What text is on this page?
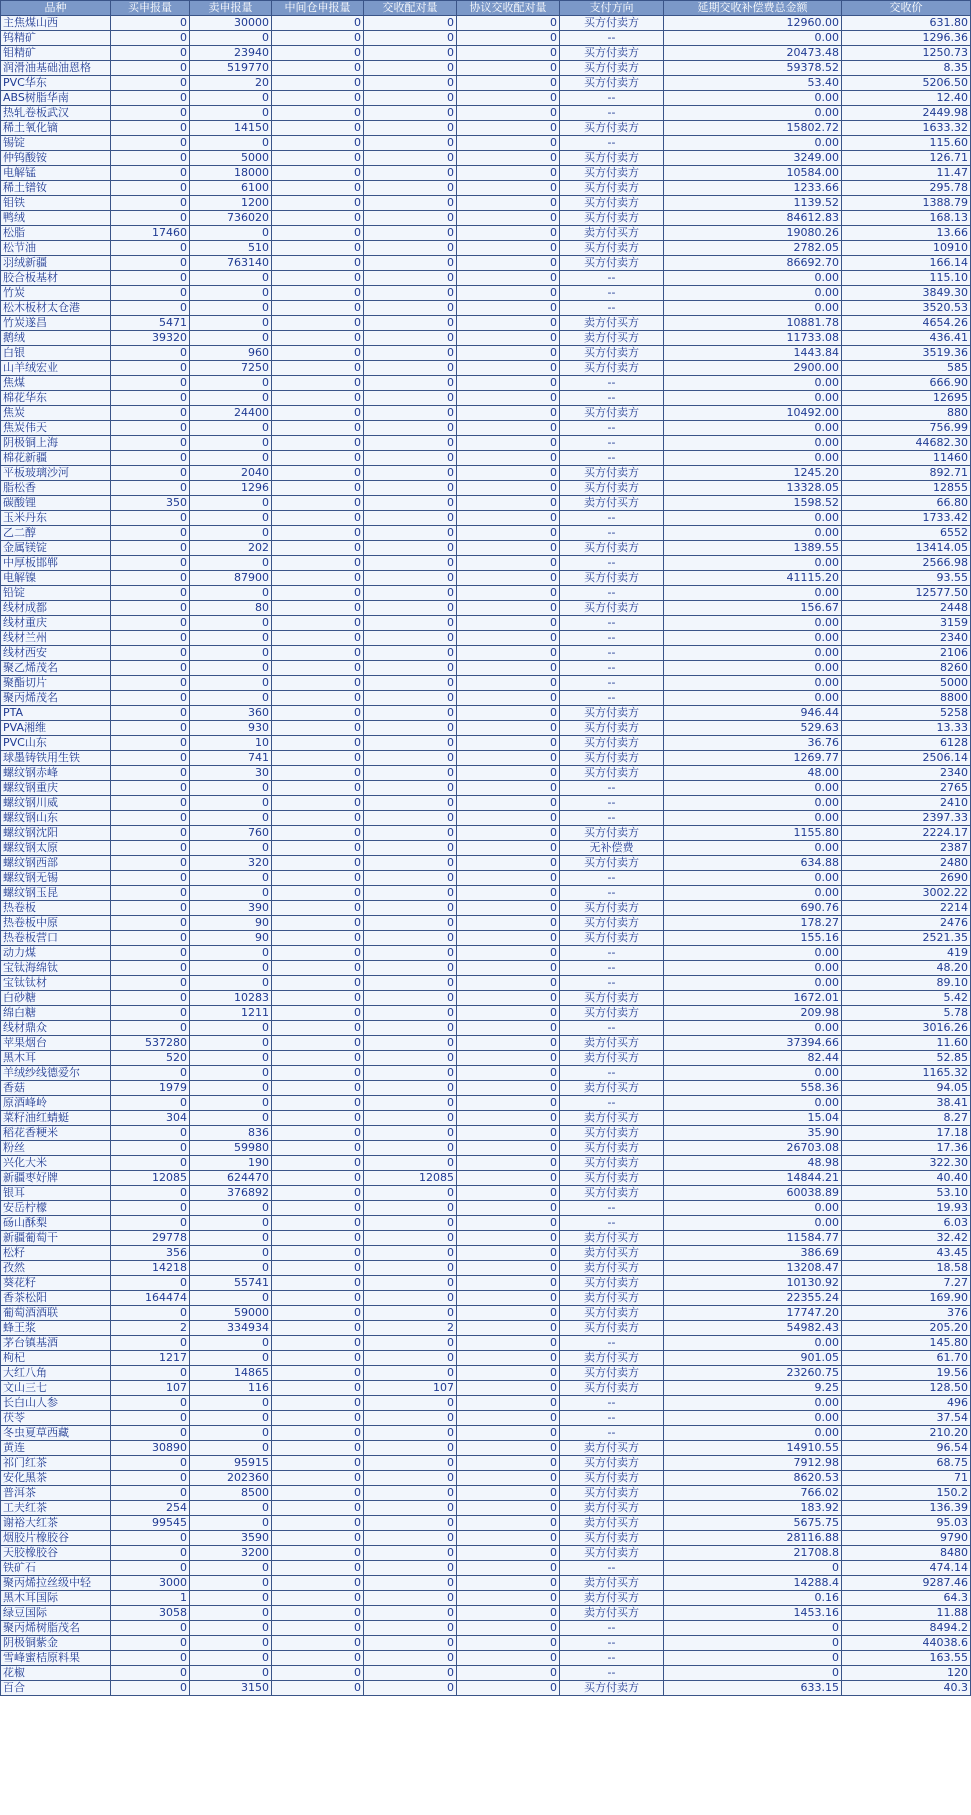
品种	买申报量	卖申报量	中间仓申报量	交收配对量	协议交收配对量	支付方向	延期交收补偿费总金额	交收价
主焦煤山西	0	30000	0	0	0	买方付卖方	12960.00	631.80
钨精矿	0	0	0	0	0	--	0.00	1296.36
钼精矿	0	23940	0	0	0	买方付卖方	20473.48	1250.73
润滑油基础油恩格	0	519770	0	0	0	买方付卖方	59378.52	8.35
PVC华东	0	20	0	0	0	买方付卖方	53.40	5206.50
ABS树脂华南	0	0	0	0	0	--	0.00	12.40
热轧卷板武汉	0	0	0	0	0	--	0.00	2449.98
稀土氧化镝	0	14150	0	0	0	买方付卖方	15802.72	1633.32
锡锭	0	0	0	0	0	--	0.00	115.60
仲钨酸铵	0	5000	0	0	0	买方付卖方	3249.00	126.71
电解锰	0	18000	0	0	0	买方付卖方	10584.00	11.47
稀土镨钕	0	6100	0	0	0	买方付卖方	1233.66	295.78
钼铁	0	1200	0	0	0	买方付卖方	1139.52	1388.79
鸭绒	0	736020	0	0	0	买方付卖方	84612.83	168.13
松脂	17460	0	0	0	0	卖方付买方	19080.26	13.66
松节油	0	510	0	0	0	买方付卖方	2782.05	10910
羽绒新疆	0	763140	0	0	0	买方付卖方	86692.70	166.14
胶合板基材	0	0	0	0	0	--	0.00	115.10
竹炭	0	0	0	0	0	--	0.00	3849.30
松木板材太仓港	0	0	0	0	0	--	0.00	3520.53
竹炭遂昌	5471	0	0	0	0	卖方付买方	10881.78	4654.26
鹅绒	39320	0	0	0	0	卖方付买方	11733.08	436.41
白银	0	960	0	0	0	买方付卖方	1443.84	3519.36
山羊绒宏业	0	7250	0	0	0	买方付卖方	2900.00	585
焦煤	0	0	0	0	0	--	0.00	666.90
棉花华东	0	0	0	0	0	--	0.00	12695
焦炭	0	24400	0	0	0	买方付卖方	10492.00	880
焦炭伟天	0	0	0	0	0	--	0.00	756.99
阴极铜上海	0	0	0	0	0	--	0.00	44682.30
棉花新疆	0	0	0	0	0	--	0.00	11460
平板玻璃沙河	0	2040	0	0	0	买方付卖方	1245.20	892.71
脂松香	0	1296	0	0	0	买方付卖方	13328.05	12855
碳酸锂	350	0	0	0	0	卖方付买方	1598.52	66.80
玉米丹东	0	0	0	0	0	--	0.00	1733.42
乙二醇	0	0	0	0	0	--	0.00	6552
金属镁锭	0	202	0	0	0	买方付卖方	1389.55	13414.05
中厚板邯郸	0	0	0	0	0	--	0.00	2566.98
电解镍	0	87900	0	0	0	买方付卖方	41115.20	93.55
铅锭	0	0	0	0	0	--	0.00	12577.50
线材成都	0	80	0	0	0	买方付卖方	156.67	2448
线材重庆	0	0	0	0	0	--	0.00	3159
线材兰州	0	0	0	0	0	--	0.00	2340
线材西安	0	0	0	0	0	--	0.00	2106
聚乙烯茂名	0	0	0	0	0	--	0.00	8260
聚酯切片	0	0	0	0	0	--	0.00	5000
聚丙烯茂名	0	0	0	0	0	--	0.00	8800
PTA	0	360	0	0	0	买方付卖方	946.44	5258
PVA湘维	0	930	0	0	0	买方付卖方	529.63	13.33
PVC山东	0	10	0	0	0	买方付卖方	36.76	6128
球墨铸铁用生铁	0	741	0	0	0	买方付卖方	1269.77	2506.14
螺纹钢赤峰	0	30	0	0	0	买方付卖方	48.00	2340
螺纹钢重庆	0	0	0	0	0	--	0.00	2765
螺纹钢川威	0	0	0	0	0	--	0.00	2410
螺纹钢山东	0	0	0	0	0	--	0.00	2397.33
螺纹钢沈阳	0	760	0	0	0	买方付卖方	1155.80	2224.17
螺纹钢太原	0	0	0	0	0	无补偿费	0.00	2387
螺纹钢西部	0	320	0	0	0	买方付卖方	634.88	2480
螺纹钢无锡	0	0	0	0	0	--	0.00	2690
螺纹钢玉昆	0	0	0	0	0	--	0.00	3002.22
热卷板	0	390	0	0	0	买方付卖方	690.76	2214
热卷板中原	0	90	0	0	0	买方付卖方	178.27	2476
热卷板营口	0	90	0	0	0	买方付卖方	155.16	2521.35
动力煤	0	0	0	0	0	--	0.00	419
宝钛海绵钛	0	0	0	0	0	--	0.00	48.20
宝钛钛材	0	0	0	0	0	--	0.00	89.10
白砂糖	0	10283	0	0	0	买方付卖方	1672.01	5.42
绵白糖	0	1211	0	0	0	买方付卖方	209.98	5.78
线材鼎众	0	0	0	0	0	--	0.00	3016.26
苹果烟台	537280	0	0	0	0	卖方付买方	37394.66	11.60
黑木耳	520	0	0	0	0	卖方付买方	82.44	52.85
羊绒纱线德爱尔	0	0	0	0	0	--	0.00	1165.32
香菇	1979	0	0	0	0	卖方付买方	558.36	94.05
原酒峰岭	0	0	0	0	0	--	0.00	38.41
菜籽油红蜻蜓	304	0	0	0	0	卖方付买方	15.04	8.27
稻花香粳米	0	836	0	0	0	买方付卖方	35.90	17.18
粉丝	0	59980	0	0	0	买方付卖方	26703.08	17.36
兴化大米	0	190	0	0	0	买方付卖方	48.98	322.30
新疆枣好牌	12085	624470	0	12085	0	买方付卖方	14844.21	40.40
银耳	0	376892	0	0	0	买方付卖方	60038.89	53.10
安岳柠檬	0	0	0	0	0	--	0.00	19.93
砀山酥梨	0	0	0	0	0	--	0.00	6.03
新疆葡萄干	29778	0	0	0	0	卖方付买方	11584.77	32.42
松籽	356	0	0	0	0	卖方付买方	386.69	43.45
孜然	14218	0	0	0	0	卖方付买方	13208.47	18.58
葵花籽	0	55741	0	0	0	买方付卖方	10130.92	7.27
香茶松阳	164474	0	0	0	0	卖方付买方	22355.24	169.90
葡萄酒酒联	0	59000	0	0	0	买方付卖方	17747.20	376
蜂王浆	2	334934	0	2	0	买方付卖方	54982.43	205.20
茅台镇基酒	0	0	0	0	0	--	0.00	145.80
枸杞	1217	0	0	0	0	卖方付买方	901.05	61.70
大红八角	0	14865	0	0	0	买方付卖方	23260.75	19.56
文山三七	107	116	0	107	0	买方付卖方	9.25	128.50
长白山人参	0	0	0	0	0	--	0.00	496
茯苓	0	0	0	0	0	--	0.00	37.54
冬虫夏草西藏	0	0	0	0	0	--	0.00	210.20
黄连	30890	0	0	0	0	卖方付买方	14910.55	96.54
祁门红茶	0	95915	0	0	0	买方付卖方	7912.98	68.75
安化黑茶	0	202360	0	0	0	买方付卖方	8620.53	71
普洱茶	0	8500	0	0	0	买方付卖方	766.02	150.2
工夫红茶	254	0	0	0	0	卖方付买方	183.92	136.39
谢裕大红茶	99545	0	0	0	0	卖方付买方	5675.75	95.03
烟胶片橡胶谷	0	3590	0	0	0	买方付卖方	28116.88	9790
天胶橡胶谷	0	3200	0	0	0	买方付卖方	21708.8	8480
铁矿石	0	0	0	0	0	--	0	474.14
聚丙烯拉丝级中轻	3000	0	0	0	0	卖方付买方	14288.4	9287.46
黑木耳国际	1	0	0	0	0	卖方付买方	0.16	64.3
绿豆国际	3058	0	0	0	0	卖方付买方	1453.16	11.88
聚丙烯树脂茂名	0	0	0	0	0	--	0	8494.2
阴极铜紫金	0	0	0	0	0	--	0	44038.6
雪峰蜜桔原料果	0	0	0	0	0	--	0	163.55
花椒	0	0	0	0	0	--	0	120
百合	0	3150	0	0	0	买方付卖方	633.15	40.3
